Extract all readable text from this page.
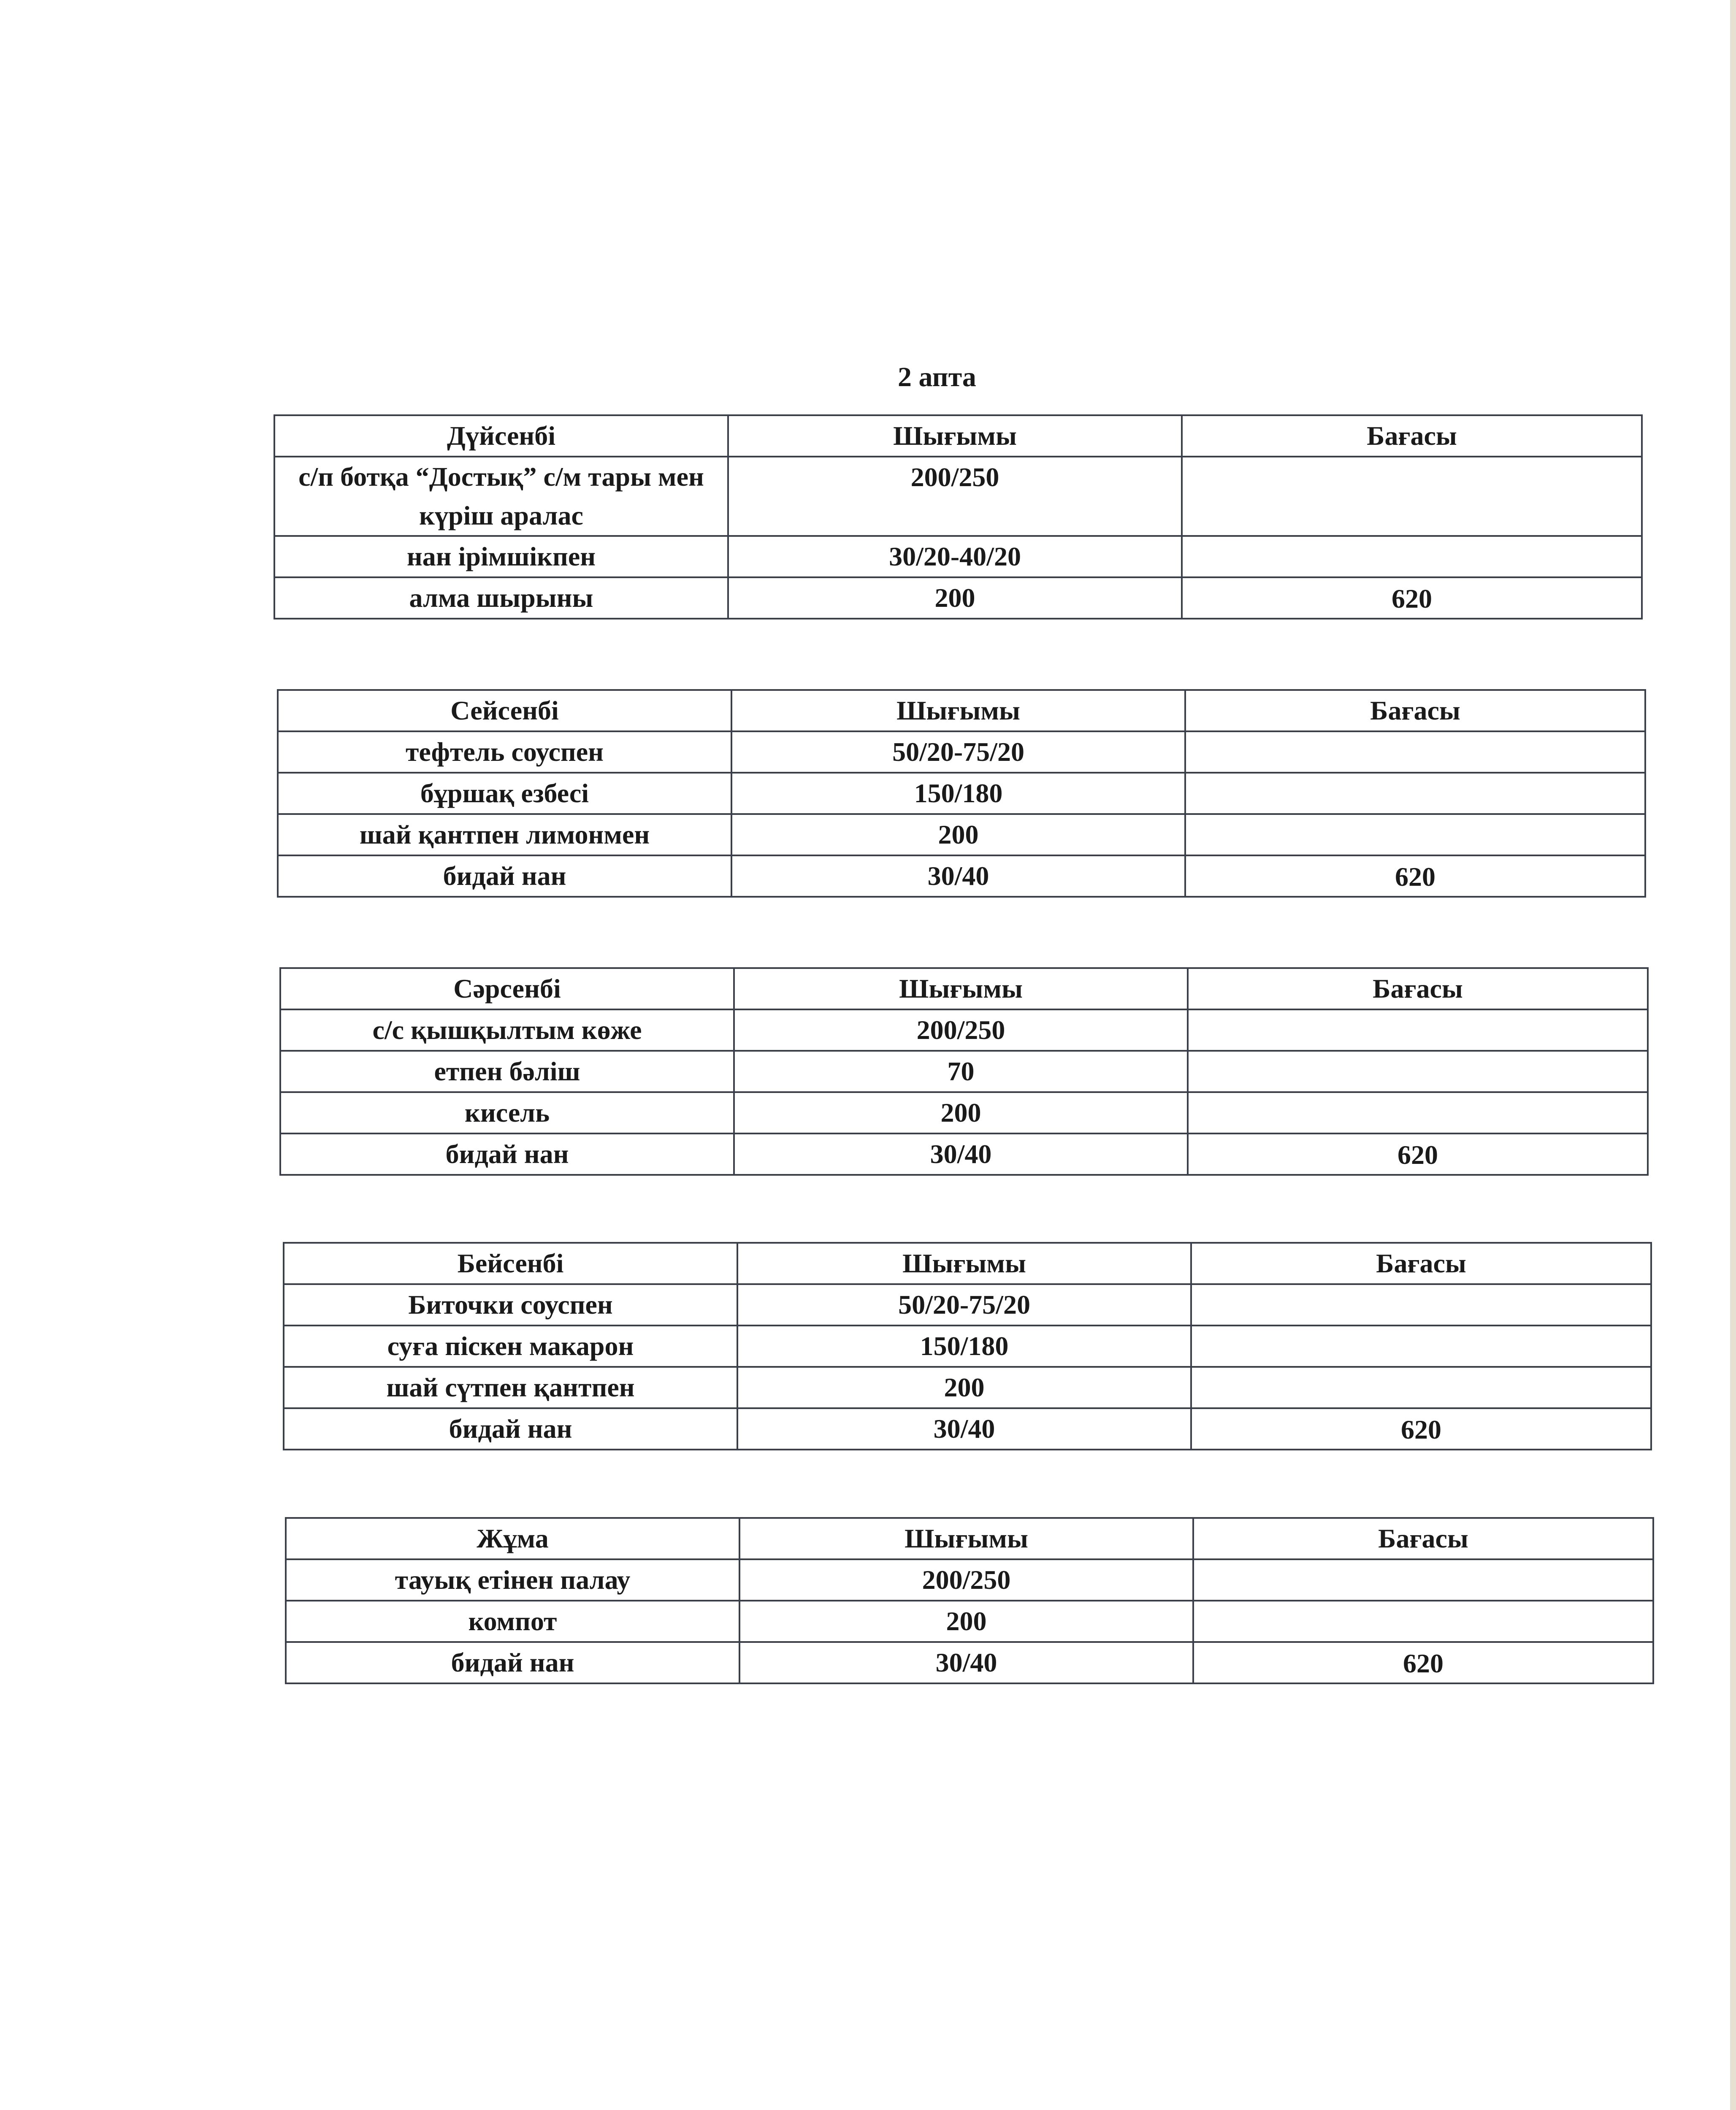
2 апта
Дүйсенбі	Шығымы	Бағасы
с/п ботқа “Достық” с/м тары мен күріш аралас	200/250	
нан ірімшікпен	30/20-40/20	
алма шырыны	200	620
Сейсенбі	Шығымы	Бағасы
тефтель соуспен	50/20-75/20	
бұршақ езбесі	150/180	
шай қантпен лимонмен	200	
бидай нан	30/40	620
Сәрсенбі	Шығымы	Бағасы
с/с қышқылтым көже	200/250	
етпен бәліш	70	
кисель	200	
бидай нан	30/40	620
Бейсенбі	Шығымы	Бағасы
Биточки соуспен	50/20-75/20	
суға піскен макарон	150/180	
шай сүтпен қантпен	200	
бидай нан	30/40	620
Жұма	Шығымы	Бағасы
тауық етінен палау	200/250	
компот	200	
бидай нан	30/40	620
